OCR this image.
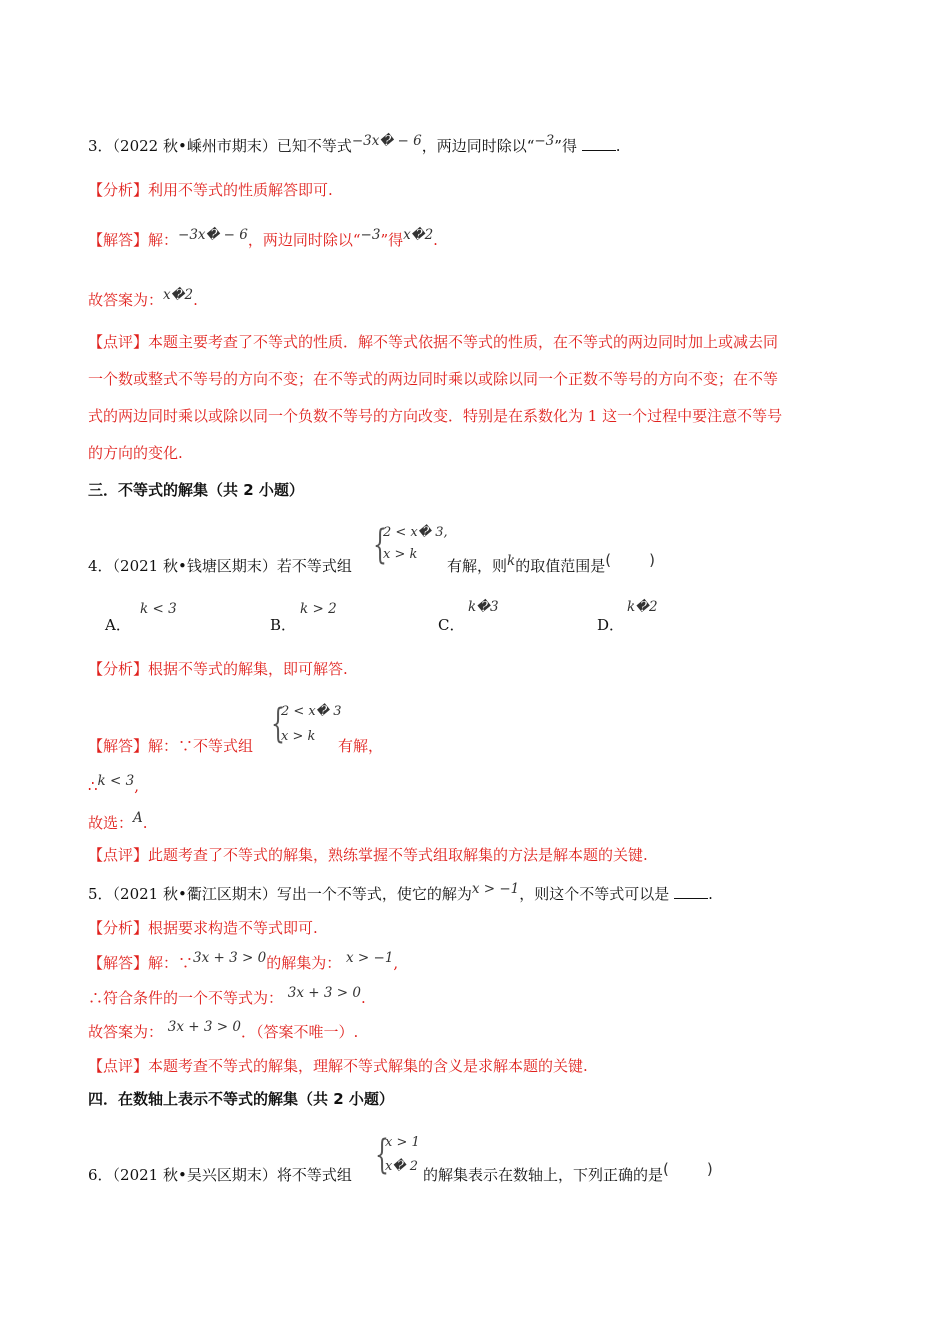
3．（2022 秋•嵊州市期末）已知不等式−3x� − 6，两边同时除以“−3”得	.
【分析】利用不等式的性质解答即可.
【解答】解：−3x� − 6，两边同时除以“−3”得x�2.
故答案为：x�2.
【点评】本题主要考查了不等式的性质．解不等式依据不等式的性质，在不等式的两边同时加上或减去同
一个数或整式不等号的方向不变；在不等式的两边同时乘以或除以同一个正数不等号的方向不变；在不等
式的两边同时乘以或除以同一个负数不等号的方向改变．特别是在系数化为 1 这一个过程中要注意不等号
的方向的变化.
三．不等式的解集（共 2 小题）
{
2 < x� 3,
x > k
4．（2021 秋•钱塘区期末）若不等式组	有解，则k的取值范围是(	)
k < 3
A．
k > 2
B．
k�3
C．
k�2
D．
【分析】根据不等式的解集，即可解答.
{
2 < x� 3
x > k
【解答】解：∵不等式组	有解，
∴k < 3,
故选：A.
【点评】此题考查了不等式的解集，熟练掌握不等式组取解集的方法是解本题的关键.
5．（2021 秋•衢江区期末）写出一个不等式，使它的解为x > −1，则这个不等式可以是	.
【分析】根据要求构造不等式即可.
【解答】解：∵3x + 3 > 0的解集为： x > −1,
∴符合条件的一个不等式为： 3x + 3 > 0.
故答案为： 3x + 3 > 0．（答案不唯一）.
【点评】本题考查不等式的解集，理解不等式解集的含义是求解本题的关键.
四．在数轴上表示不等式的解集（共 2 小题）
{
x > 1
x� 2
6．（2021 秋•吴兴区期末）将不等式组	的解集表示在数轴上，下列正确的是(	)
